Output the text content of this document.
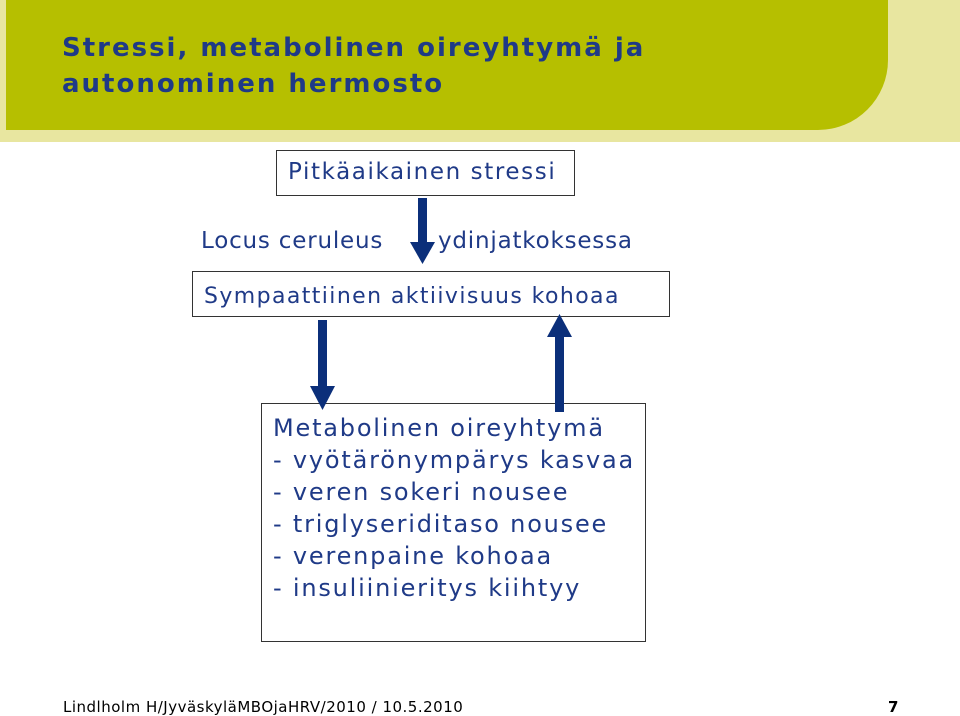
Stressi, metabolinen oireyhtymä ja
autonominen hermosto
Pitkäaikainen stressi
Locus ceruleus ydinjatkoksessa
Sympaattiinen aktiivisuus kohoaa
Metabolinen oireyhtymä
- vyötärönympärys kasvaa
- veren sokeri nousee
- triglyseriditaso nousee
- verenpaine kohoaa
- insuliinieritys kiihtyy
Lindlholm H/JyväskyläMBOjaHRV/2010 / 10.5.2010	7
